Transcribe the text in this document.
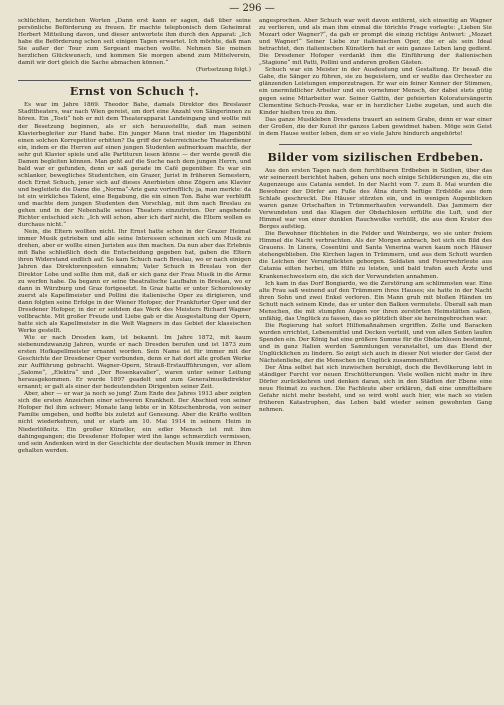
— 296 —

schlüchten, herzlichen Worten „Dann erst kann er sagen, daß über seine persönliche Beförderung zu freuen. Er machte telephonisch dem Geheimrat Herbert Mitteilung davon, und dieser antwortete ihm durch den Apparat: „Ich habe die Beförderung schon seit einigen Tagen erwartet. Ich möchte, daß man Sie außer der Tour zum Sergeant machen wollte. Nehmen Sie meinen herzlichen Glückwunsch, und kommen Sie morgen abend zum Mittelverein, damit wir dort gleich die Sache abmachen können.“

(Fortsetzung folgt.)

Ernst von Schuch †.

Es war im Jahre 1869. Theodor Bahe, damals Direktor des Breslauer Stadttheaters, war nach Wien gereist, um dort eine Anzahl von Sängerinnen zu hören. Ein „Tosti“ hob er mit dem Theaterapparat Landeingang und wollte mit der Besetzung beginnen, als er sich herausstellte, daß man seinen Klavierbegleiter zur Hand habe. Ein junger Mann trat nieder im Hagenbühl einen solchen Korrepetitor erbitten? Da griff der österreichische Theaterdiener ein, indem er die Herren auf einen jungen Studenten aufmerksam machte, der sehr gut Klavier spiele und alle Partituren lesen könne — der werde gewiß die Damen begleiten können. Man geht auf die Suche nach dem jungen Herrn, und bald war er gefunden, denn er saß gerade im Café gegenüber. Es war ein schlanker, bewegliches Studentchen, ein Grazer, Jurist in früheren Semestern, doch Ernst Schuch, jener sich auf dieses Anerbieten ohne Zögern ans Klavier und begleitete die Dame die „Norma“-Arie ganz vortrefflich; ja, man merkte: da ist ein wirkliches Talent, eine Begabung, die ein einen Ton. Bahe war verblüfft und machte dem jungen Studenten den Vorschlag, mit ihm nach Breslau zu gehen und in der Nebenhalle seines Theaters einzutreten. Der angehende Richter entschied sich: „Ich will schon, aber ich darf nicht, die Eltern wollen es durchaus nicht.“

Nein, die Eltern wollten nicht. Ihr Ernst hatte schon in der Grazer Heimat immer Musik getrieben und alle seine Interessen scheinen sich um Musik zu drehen, aber er wollte einen Juristen aus ihm machen. Da nun aber das Erlebnis mit Bahe schließlich doch die Entscheidung gegeben hat, gaben die Eltern ihren Widerstand endlich auf. So kam Schuch nach Breslau, wo er nach einigen Jahren das Direktorenposten einnahm; Vater Schuch in Breslau von der Direktor Lobe und sollte ihm mit, daß er sich ganz der Frau Musik in die Arme zu werfen habe. Da begann er seine theatralische Laufbahn in Breslau, wo er dann in Würzburg und Graz fortgesetzt. In Graz hatte er unter Schorolowsky zuerst als Kapellmeister und Pollini die italienische Oper zu dirigieren, und dann folgten seine Erfolge in der Wiener Hofoper, der Frankfurter Oper und der Dresdener Hofoper, in der er seitdem das Werk des Meisters Richard Wagner vollbrachte. Mit großer Freude und Liebe gab er die Ausgestaltung der Opern, hatte sich als Kapellmeister in die Welt Wagners in das Gebiet der klassischen Werke gestellt.

Wie er nach Dresden kam, ist bekannt. Im Jahre 1872, mit kaum siebenundzwanzig Jahren, wurde er nach Dresden berufen und ist 1873 zum ersten Hofkapellmeister ernannt worden. Sein Name ist für immer mit der Geschichte der Dresdener Oper verbunden, denn er hat dort alle großen Werke zur Aufführung gebracht. Wagner-Opern, Strauß-Erstaufführungen, vor allem „Salome“, „Elektra“ und „Der Rosenkavalier“, waren unter seiner Leitung herausgekommen. Er wurde 1897 geadelt und zum Generalmusikdirektor ernannt; er galt als einer der bedeutendsten Dirigenten seiner Zeit.

Aber, aber — er war ja noch so jung! Zum Ende des Jahres 1913 aber zeigten sich die ersten Anzeichen einer schweren Krankheit. Der Abschied von seiner Hofoper fiel ihm schwer; Monate lang lebte er in Kötzschenbroda, von seiner Familie umgeben, und hoffte bis zuletzt auf Genesung. Aber die Kräfte wollten nicht wiederkehren, und er starb am 10. Mai 1914 in seinem Heim in Niederlößnitz. Ein großer Künstler, ein edler Mensch ist mit ihm dahingegangen; die Dresdener Hofoper wird ihn lange schmerzlich vermissen, und sein Andenken wird in der Geschichte der deutschen Musik immer in Ehren gehalten werden.

angesprochen. Aber Schuch war weit davon entfernt, sich einseitig an Wagner zu verlieren, und als man ihm einmal die törichte Frage vorlegte: „Lieben Sie Mozart oder Wagner?“, da gab er prompt die einzig richtige Antwort: „Mozart und Wagner!“ Seiner Liebe zur italienischen Oper, die er als sein Ideal betrachtet, den italienischen Künstlern hat er sein ganzes Leben lang gedient. Die Dresdener Hofoper verdankt ihm die Einführung der italienischen „Stagione“ mit Patti, Pollini und anderen großen Gästen.

Schuch war ein Meister in der Ausdeutung und Gestaltung. Er besaß die Gabe, die Sänger zu führen, sie zu begeistern, und er wußte das Orchester zu glänzenden Leistungen emporzutragen. Er war ein feiner Kenner der Stimmen, ein unermüdlicher Arbeiter und ein vornehmer Mensch, der dabei stets gütig gegen seine Mitarbeiter war. Seiner Gattin, der gefeierten Koloratursängerin Clementine Schuch-Proska, war er in herzlicher Liebe zugetan, und auch die Kinder hielten treu zu ihm.

Das ganze Musikleben Dresdens trauert an seinem Grabe, denn er war einer der Großen, die der Kunst ihr ganzes Leben gewidmet haben. Möge sein Geist in dem Hause weiter leben, dem er so viele Jahre hindurch angehörte!

Bilder vom sizilischen Erdbeben.

Aus den ersten Tagen nach dem furchtbaren Erdbeben in Sizilien, über das wir seinerzeit berichtet haben, gehen uns noch einige Schilderungen zu, die ein Augenzeuge aus Catania sendet. In der Nacht vom 7. zum 8. Mai wurden die Bewohner der Dörfer am Fuße des Ätna durch heftige Erdstöße aus dem Schlafe geschreckt. Die Häuser stürzten ein, und in wenigen Augenblicken waren ganze Ortschaften in Trümmerhaufen verwandelt. Das Jammern der Verwundeten und das Klagen der Obdachlosen erfüllte die Luft, und der Himmel war von einer dunklen Rauchwolke verhüllt, die aus dem Krater des Berges aufstieg.

Die Bewohner flüchteten in die Felder und Weinberge, wo sie unter freiem Himmel die Nacht verbrachten. Als der Morgen anbrach, bot sich ein Bild des Grauens. In Linera, Cosentini und Santa Venerina waren kaum noch Häuser stehengeblieben. Die Kirchen lagen in Trümmern, und aus dem Schutt wurden die Leichen der Verunglückten geborgen. Soldaten und Feuerwehrleute aus Catania eilten herbei, um Hilfe zu leisten, und bald trafen auch Ärzte und Krankenschwestern ein, die sich der Verwundeten annahmen.

Ich kam in das Dorf Bongiardo, wo die Zerstörung am schlimmsten war. Eine alte Frau saß weinend auf den Trümmern ihres Hauses; sie hatte in der Nacht ihren Sohn und zwei Enkel verloren. Ein Mann grub mit bloßen Händen im Schutt nach seinem Kinde, das er unter den Balken vermutete. Überall sah man Menschen, die mit stumpfen Augen vor ihren zerstörten Heimstätten saßen, unfähig, das Unglück zu fassen, das so plötzlich über sie hereingebrochen war.

Die Regierung hat sofort Hilfsmaßnahmen ergriffen. Zelte und Baracken wurden errichtet, Lebensmittel und Decken verteilt, und von allen Seiten laufen Spenden ein. Der König hat eine größere Summe für die Obdachlosen bestimmt, und in ganz Italien werden Sammlungen veranstaltet, um das Elend der Unglücklichen zu lindern. So zeigt sich auch in dieser Not wieder der Geist der Nächstenliebe, der die Menschen im Unglück zusammenführt.

Der Ätna selbst hat sich inzwischen beruhigt, doch die Bevölkerung lebt in ständiger Furcht vor neuen Erschütterungen. Viele wollen nicht mehr in ihre Dörfer zurückkehren und denken daran, sich in den Städten der Ebene eine neue Heimat zu suchen. Die Fachleute aber erklären, daß eine unmittelbare Gefahr nicht mehr besteht, und so wird wohl auch hier, wie nach so vielen früheren Katastrophen, das Leben bald wieder seinen gewohnten Gang nehmen.
